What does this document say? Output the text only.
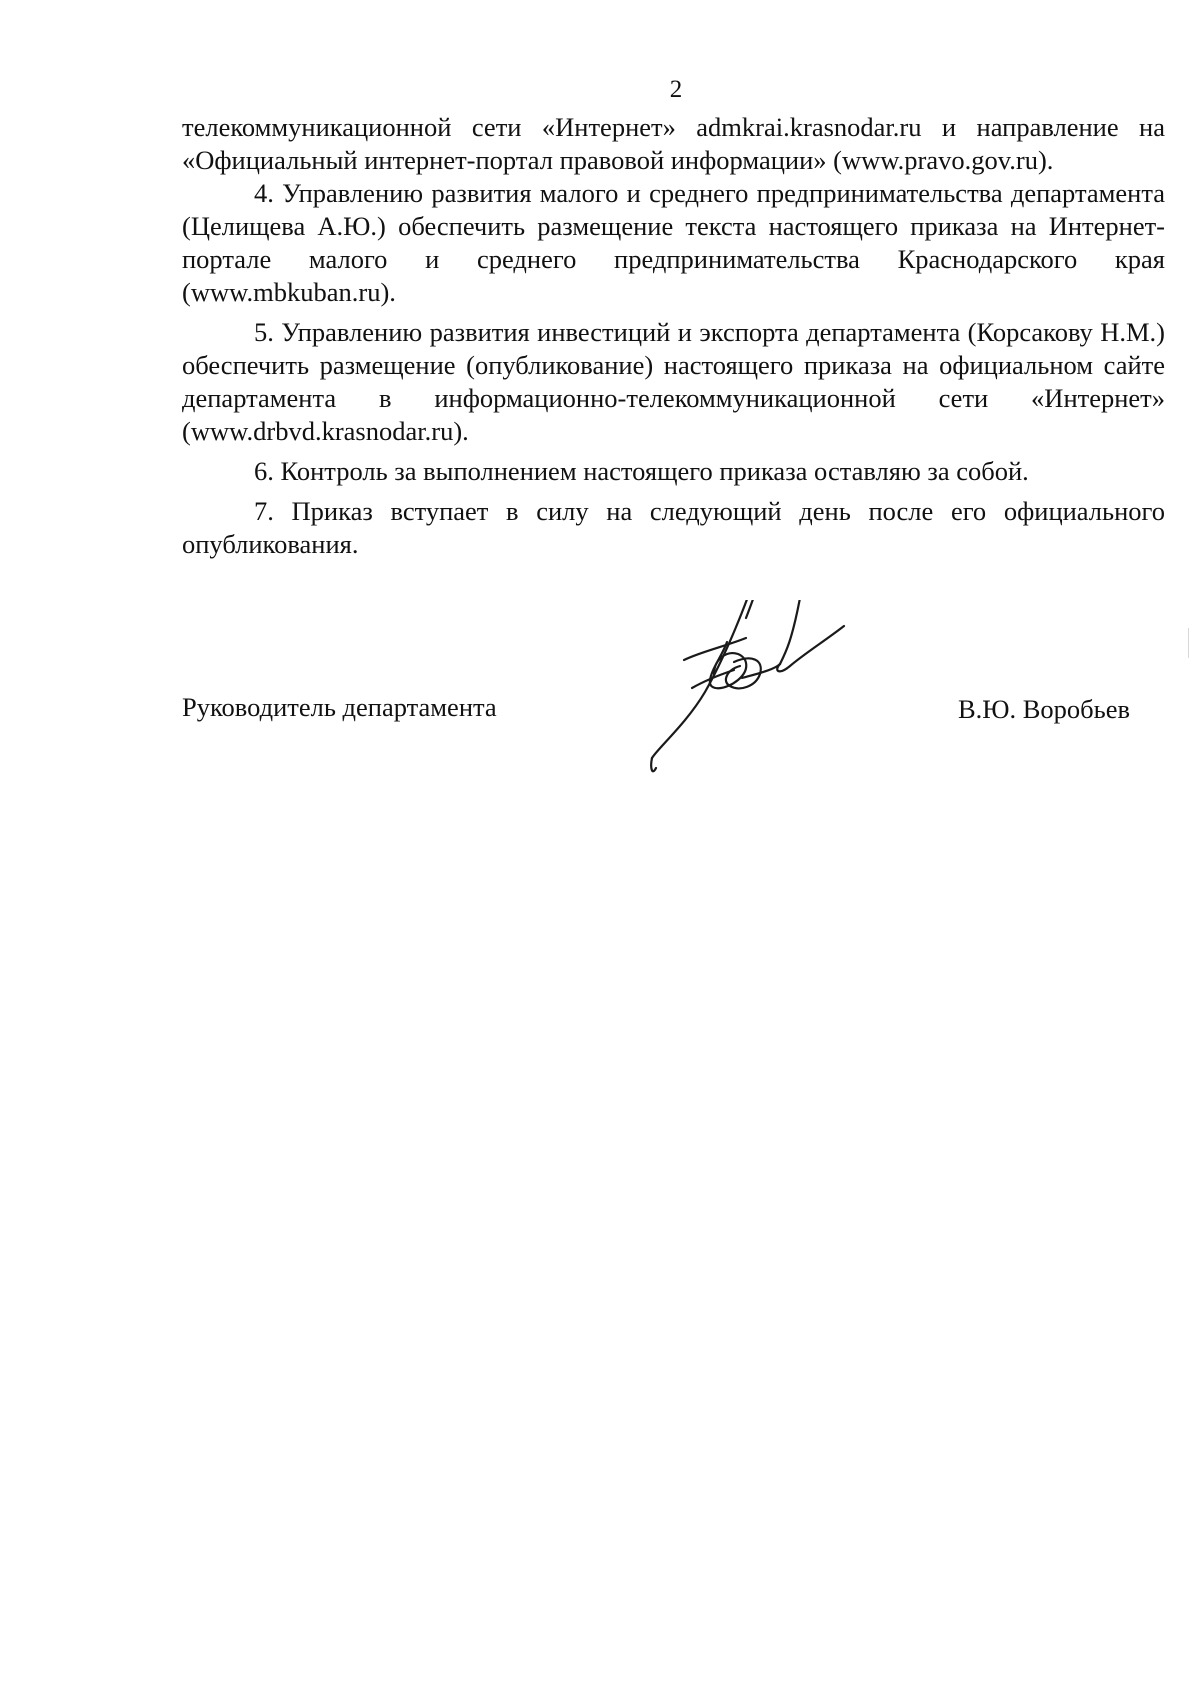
2

телекоммуникационной сети «Интернет» admkrai.krasnodar.ru и направление на «Официальный интернет-портал правовой информации» (www.pravo.gov.ru).

4. Управлению развития малого и среднего предпринимательства департамента (Целищева А.Ю.) обеспечить размещение текста настоящего приказа на Интернет-портале малого и среднего предпринимательства Краснодарского края (www.mbkuban.ru).

5. Управлению развития инвестиций и экспорта департамента (Корсакову Н.М.) обеспечить размещение (опубликование) настоящего приказа на официальном сайте департамента в информационно-телекоммуникационной сети «Интернет» (www.drbvd.krasnodar.ru).

6. Контроль за выполнением настоящего приказа оставляю за собой.

7. Приказ вступает в силу на следующий день после его официального опубликования.

Руководитель департамента	В.Ю. Воробьев
